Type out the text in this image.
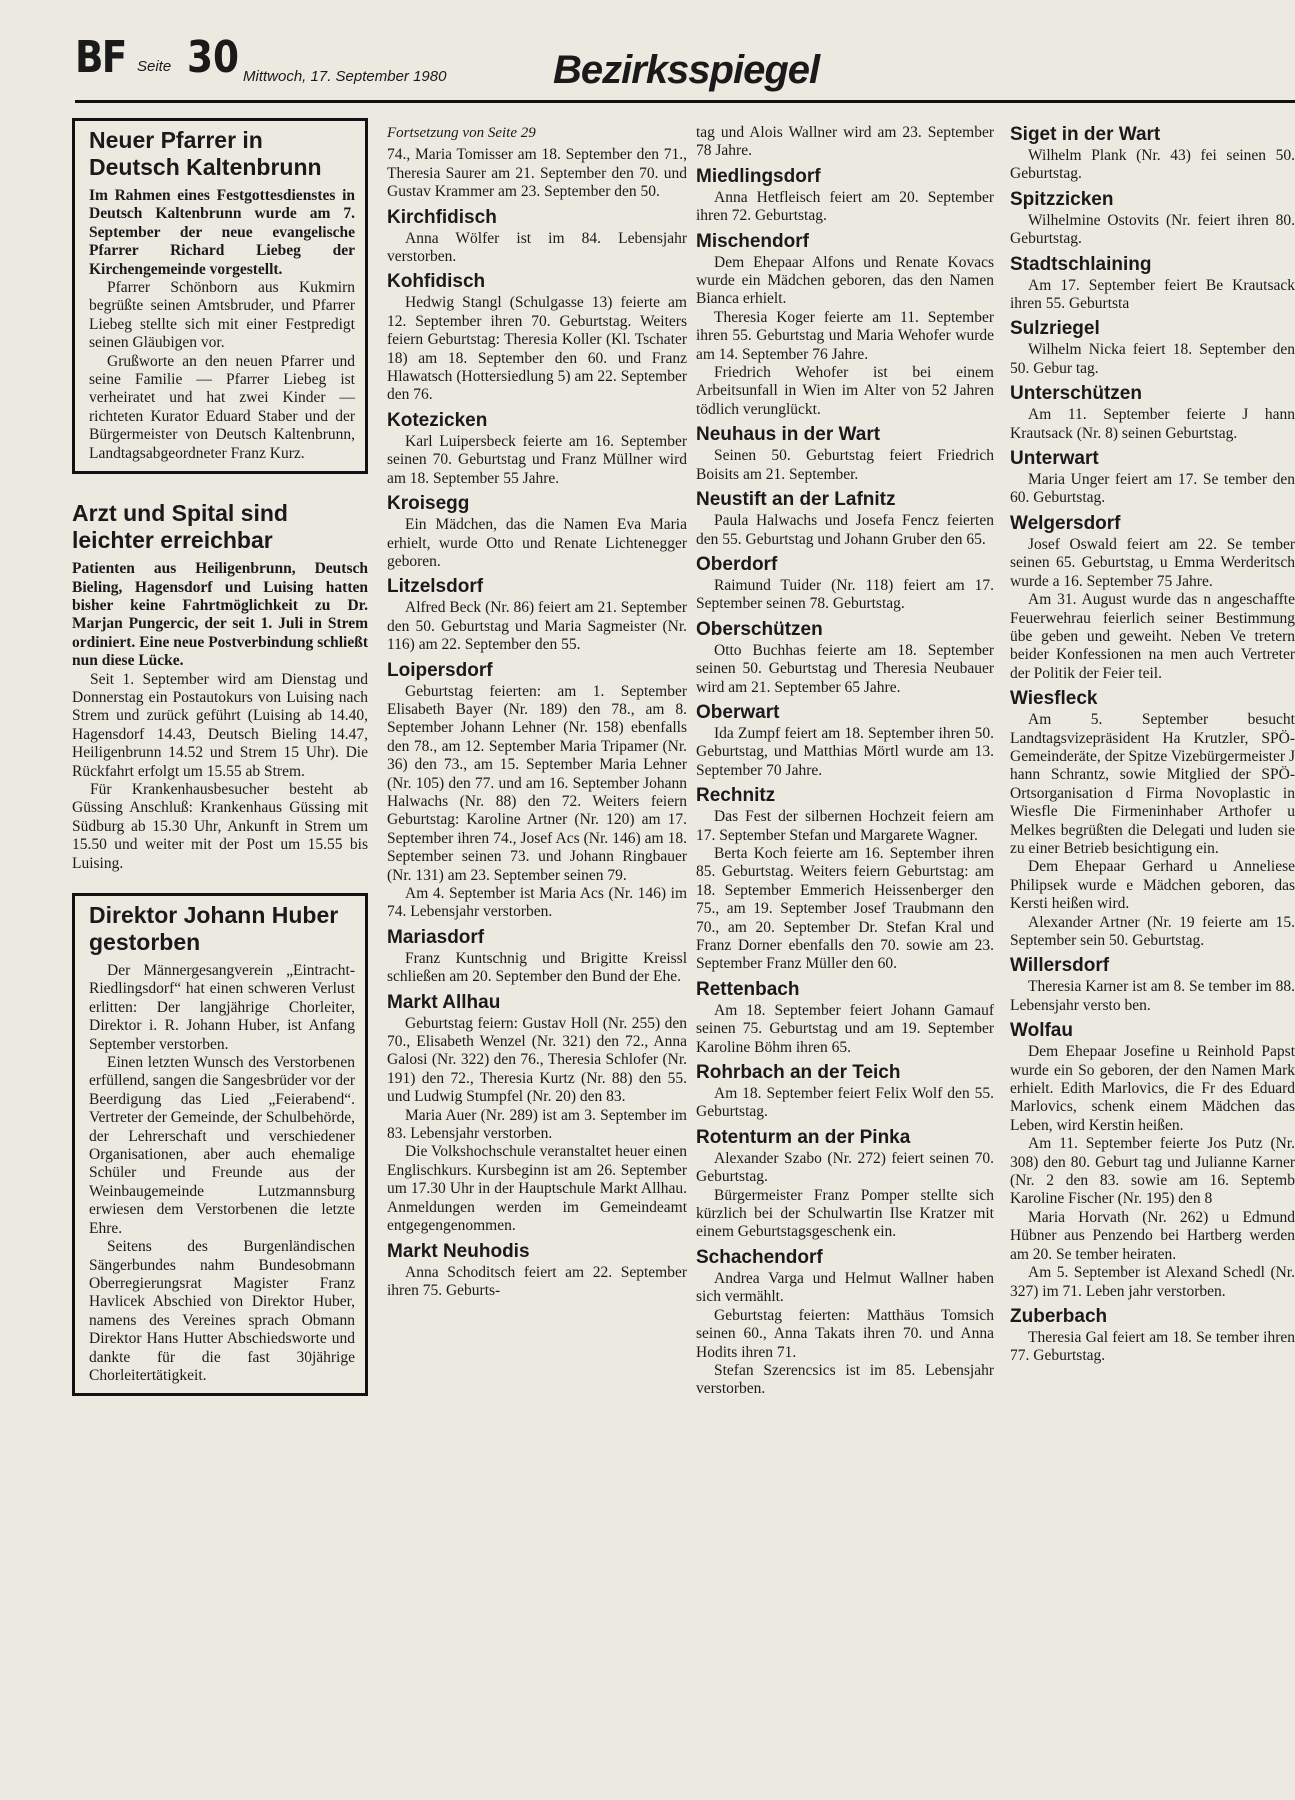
BF Seite 30 Mittwoch, 17. September 1980	Bezirksspiegel
Neuer Pfarrer in Deutsch Kaltenbrunn

Im Rahmen eines Festgottesdienstes in Deutsch Kaltenbrunn wurde am 7. September der neue evangelische Pfarrer Richard Liebeg der Kirchengemeinde vorgestellt.

Pfarrer Schönborn aus Kukmirn begrüßte seinen Amtsbruder, und Pfarrer Liebeg stellte sich mit einer Festpredigt seinen Gläubigen vor.

Grußworte an den neuen Pfarrer und seine Familie — Pfarrer Liebeg ist verheiratet und hat zwei Kinder — richteten Kurator Eduard Staber und der Bürgermeister von Deutsch Kaltenbrunn, Landtagsabgeordneter Franz Kurz.

Arzt und Spital sind leichter erreichbar

Patienten aus Heiligenbrunn, Deutsch Bieling, Hagensdorf und Luising hatten bisher keine Fahrtmöglichkeit zu Dr. Marjan Pungercic, der seit 1. Juli in Strem ordiniert. Eine neue Postverbindung schließt nun diese Lücke.

Seit 1. September wird am Dienstag und Donnerstag ein Postautokurs von Luising nach Strem und zurück geführt (Luising ab 14.40, Hagensdorf 14.43, Deutsch Bieling 14.47, Heiligenbrunn 14.52 und Strem 15 Uhr). Die Rückfahrt erfolgt um 15.55 ab Strem.

Für Krankenhausbesucher besteht ab Güssing Anschluß: Krankenhaus Güssing mit Südburg ab 15.30 Uhr, Ankunft in Strem um 15.50 und weiter mit der Post um 15.55 bis Luising.

Direktor Johann Huber gestorben

Der Männergesangverein „Eintracht-Riedlingsdorf“ hat einen schweren Verlust erlitten: Der langjährige Chorleiter, Direktor i. R. Johann Huber, ist Anfang September verstorben.

Einen letzten Wunsch des Verstorbenen erfüllend, sangen die Sangesbrüder vor der Beerdigung das Lied „Feierabend“. Vertreter der Gemeinde, der Schulbehörde, der Lehrerschaft und verschiedener Organisationen, aber auch ehemalige Schüler und Freunde aus der Weinbaugemeinde Lutzmannsburg erwiesen dem Verstorbenen die letzte Ehre.

Seitens des Burgenländischen Sängerbundes nahm Bundesobmann Oberregierungsrat Magister Franz Havlicek Abschied von Direktor Huber, namens des Vereines sprach Obmann Direktor Hans Hutter Abschiedsworte und dankte für die fast 30jährige Chorleitertätigkeit.

Fortsetzung von Seite 29

74., Maria Tomisser am 18. September den 71., Theresia Saurer am 21. September den 70. und Gustav Krammer am 23. September den 50.

Kirchfidisch

Anna Wölfer ist im 84. Lebensjahr verstorben.

Kohfidisch

Hedwig Stangl (Schulgasse 13) feierte am 12. September ihren 70. Geburtstag. Weiters feiern Geburtstag: Theresia Koller (Kl. Tschater 18) am 18. September den 60. und Franz Hlawatsch (Hottersiedlung 5) am 22. September den 76.

Kotezicken

Karl Luipersbeck feierte am 16. September seinen 70. Geburtstag und Franz Müllner wird am 18. September 55 Jahre.

Kroisegg

Ein Mädchen, das die Namen Eva Maria erhielt, wurde Otto und Renate Lichtenegger geboren.

Litzelsdorf

Alfred Beck (Nr. 86) feiert am 21. September den 50. Geburtstag und Maria Sagmeister (Nr. 116) am 22. September den 55.

Loipersdorf

Geburtstag feierten: am 1. September Elisabeth Bayer (Nr. 189) den 78., am 8. September Johann Lehner (Nr. 158) ebenfalls den 78., am 12. September Maria Tripamer (Nr. 36) den 73., am 15. September Maria Lehner (Nr. 105) den 77. und am 16. September Johann Halwachs (Nr. 88) den 72. Weiters feiern Geburtstag: Karoline Artner (Nr. 120) am 17. September ihren 74., Josef Acs (Nr. 146) am 18. September seinen 73. und Johann Ringbauer (Nr. 131) am 23. September seinen 79.

Am 4. September ist Maria Acs (Nr. 146) im 74. Lebensjahr verstorben.

Mariasdorf

Franz Kuntschnig und Brigitte Kreissl schließen am 20. September den Bund der Ehe.

Markt Allhau

Geburtstag feiern: Gustav Holl (Nr. 255) den 70., Elisabeth Wenzel (Nr. 321) den 72., Anna Galosi (Nr. 322) den 76., Theresia Schlofer (Nr. 191) den 72., Theresia Kurtz (Nr. 88) den 55. und Ludwig Stumpfel (Nr. 20) den 83.

Maria Auer (Nr. 289) ist am 3. September im 83. Lebensjahr verstorben.

Die Volkshochschule veranstaltet heuer einen Englischkurs. Kursbeginn ist am 26. September um 17.30 Uhr in der Hauptschule Markt Allhau. Anmeldungen werden im Gemeindeamt entgegengenommen.

Markt Neuhodis

Anna Schoditsch feiert am 22. September ihren 75. Geburts-

tag und Alois Wallner wird am 23. September 78 Jahre.

Miedlingsdorf

Anna Hetfleisch feiert am 20. September ihren 72. Geburtstag.

Mischendorf

Dem Ehepaar Alfons und Renate Kovacs wurde ein Mädchen geboren, das den Namen Bianca erhielt.

Theresia Koger feierte am 11. September ihren 55. Geburtstag und Maria Wehofer wurde am 14. September 76 Jahre.

Friedrich Wehofer ist bei einem Arbeitsunfall in Wien im Alter von 52 Jahren tödlich verunglückt.

Neuhaus in der Wart

Seinen 50. Geburtstag feiert Friedrich Boisits am 21. September.

Neustift an der Lafnitz

Paula Halwachs und Josefa Fencz feierten den 55. Geburtstag und Johann Gruber den 65.

Oberdorf

Raimund Tuider (Nr. 118) feiert am 17. September seinen 78. Geburtstag.

Oberschützen

Otto Buchhas feierte am 18. September seinen 50. Geburtstag und Theresia Neubauer wird am 21. September 65 Jahre.

Oberwart

Ida Zumpf feiert am 18. September ihren 50. Geburtstag, und Matthias Mörtl wurde am 13. September 70 Jahre.

Rechnitz

Das Fest der silbernen Hochzeit feiern am 17. September Stefan und Margarete Wagner.

Berta Koch feierte am 16. September ihren 85. Geburtstag. Weiters feiern Geburtstag: am 18. September Emmerich Heissenberger den 75., am 19. September Josef Traubmann den 70., am 20. September Dr. Stefan Kral und Franz Dorner ebenfalls den 70. sowie am 23. September Franz Müller den 60.

Rettenbach

Am 18. September feiert Johann Gamauf seinen 75. Geburtstag und am 19. September Karoline Böhm ihren 65.

Rohrbach an der Teich

Am 18. September feiert Felix Wolf den 55. Geburtstag.

Rotenturm an der Pinka

Alexander Szabo (Nr. 272) feiert seinen 70. Geburtstag.

Bürgermeister Franz Pomper stellte sich kürzlich bei der Schulwartin Ilse Kratzer mit einem Geburtstagsgeschenk ein.

Schachendorf

Andrea Varga und Helmut Wallner haben sich vermählt.

Geburtstag feierten: Matthäus Tomsich seinen 60., Anna Takats ihren 70. und Anna Hodits ihren 71.

Stefan Szerencsics ist im 85. Lebensjahr verstorben.

Siget in der Wart

Wilhelm Plank (Nr. 43) fei seinen 50. Geburtstag.

Spitzzicken

Wilhelmine Ostovits (Nr. feiert ihren 80. Geburtstag.

Stadtschlaining

Am 17. September feiert Be Krautsack ihren 55. Geburtsta

Sulzriegel

Wilhelm Nicka feiert 18. September den 50. Gebur tag.

Unterschützen

Am 11. September feierte J hann Krautsack (Nr. 8) seinen Geburtstag.

Unterwart

Maria Unger feiert am 17. Se tember den 60. Geburtstag.

Welgersdorf

Josef Oswald feiert am 22. Se tember seinen 65. Geburtstag, u Emma Werderitsch wurde a 16. September 75 Jahre.

Am 31. August wurde das n angeschaffte Feuerwehrau feierlich seiner Bestimmung übe geben und geweiht. Neben Ve tretern beider Konfessionen na men auch Vertreter der Politik der Feier teil.

Wiesfleck

Am 5. September besucht Landtagsvizepräsident Ha Krutzler, SPÖ-Gemeinderäte, der Spitze Vizebürgermeister J hann Schrantz, sowie Mitglied der SPÖ-Ortsorganisation d Firma Novoplastic in Wiesfle Die Firmeninhaber Arthofer u Melkes begrüßten die Delegati und luden sie zu einer Betrieb besichtigung ein.

Dem Ehepaar Gerhard u Anneliese Philipsek wurde e Mädchen geboren, das Kersti heißen wird.

Alexander Artner (Nr. 19 feierte am 15. September sein 50. Geburtstag.

Willersdorf

Theresia Karner ist am 8. Se tember im 88. Lebensjahr versto ben.

Wolfau

Dem Ehepaar Josefine u Reinhold Papst wurde ein So geboren, der den Namen Mark erhielt. Edith Marlovics, die Fr des Eduard Marlovics, schenk einem Mädchen das Leben, wird Kerstin heißen.

Am 11. September feierte Jos Putz (Nr. 308) den 80. Geburt tag und Julianne Karner (Nr. 2 den 83. sowie am 16. Septemb Karoline Fischer (Nr. 195) den 8

Maria Horvath (Nr. 262) u Edmund Hübner aus Penzendo bei Hartberg werden am 20. Se tember heiraten.

Am 5. September ist Alexand Schedl (Nr. 327) im 71. Leben jahr verstorben.

Zuberbach

Theresia Gal feiert am 18. Se tember ihren 77. Geburtstag.
